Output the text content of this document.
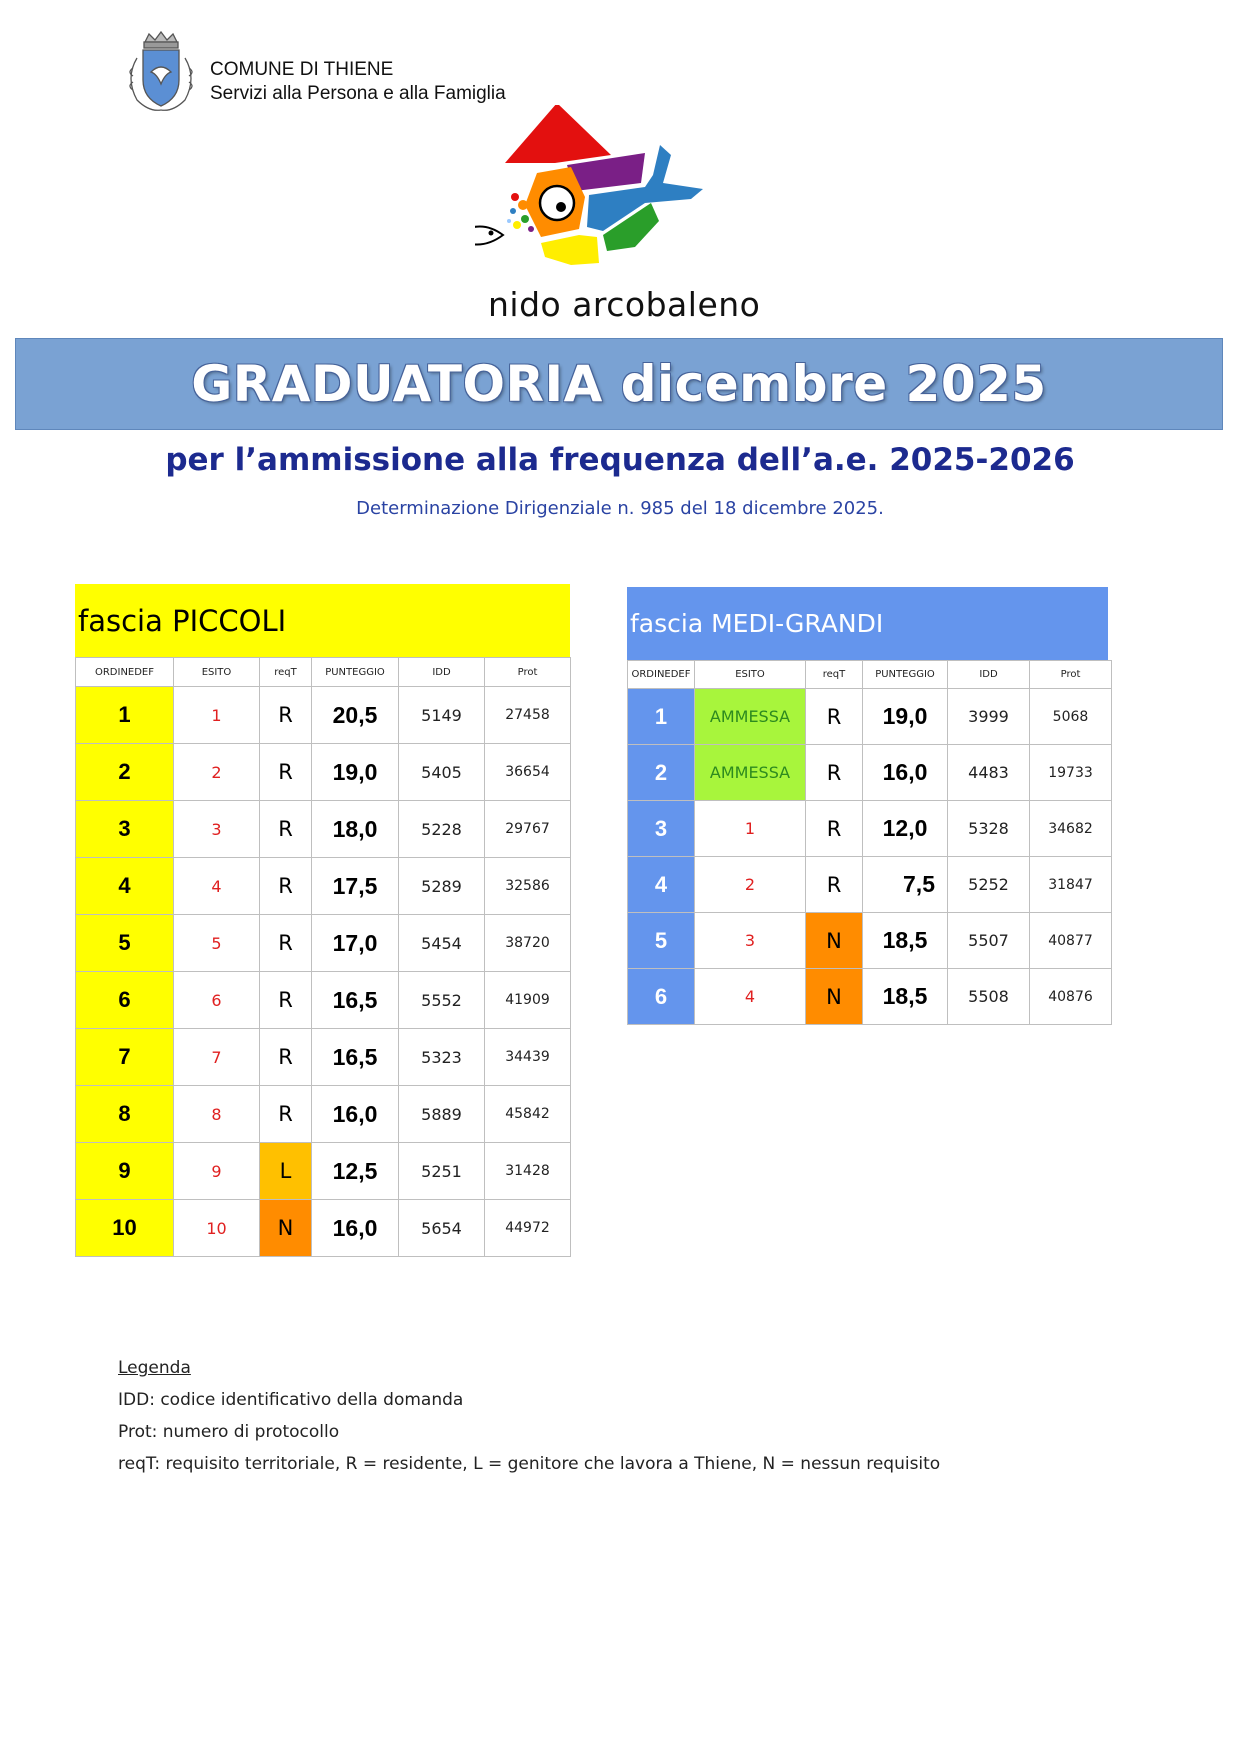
COMUNE DI THIENE
Servizi alla Persona e alla Famiglia
nido arcobaleno
GRADUATORIA dicembre 2025
per l’ammissione alla frequenza dell’a.e. 2025-2026
Determinazione Dirigenziale n. 985 del 18 dicembre 2025.
fascia PICCOLI
ORDINEDEF	ESITO	reqT	PUNTEGGIO	IDD	Prot
1	1	R	20,5	5149	27458
2	2	R	19,0	5405	36654
3	3	R	18,0	5228	29767
4	4	R	17,5	5289	32586
5	5	R	17,0	5454	38720
6	6	R	16,5	5552	41909
7	7	R	16,5	5323	34439
8	8	R	16,0	5889	45842
9	9	L	12,5	5251	31428
10	10	N	16,0	5654	44972
fascia MEDI-GRANDI
ORDINEDEF	ESITO	reqT	PUNTEGGIO	IDD	Prot
1	AMMESSA	R	19,0	3999	5068
2	AMMESSA	R	16,0	4483	19733
3	1	R	12,0	5328	34682
4	2	R	7,5	5252	31847
5	3	N	18,5	5507	40877
6	4	N	18,5	5508	40876
Legenda
IDD: codice identificativo della domanda
Prot: numero di protocollo
reqT: requisito territoriale, R = residente, L = genitore che lavora a Thiene, N = nessun requisito
